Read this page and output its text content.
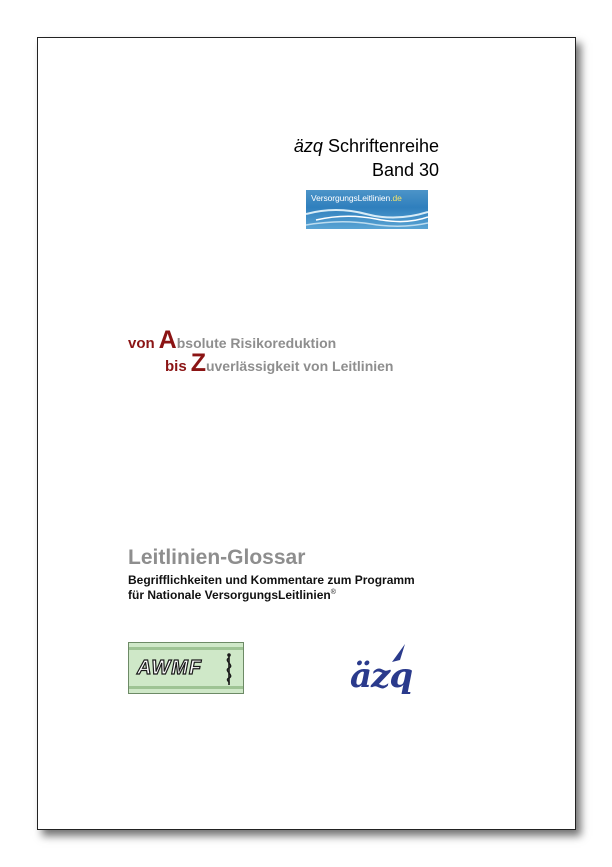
äzq Schriftenreihe
Band 30
VersorgungsLeitlinien.de
von A bsolute Risikoreduktion
bis Z uverlässigkeit von Leitlinien
Leitlinien-Glossar
Begrifflichkeiten und Kommentare zum Programm
für Nationale VersorgungsLeitlinien®
AWMF	äzq
